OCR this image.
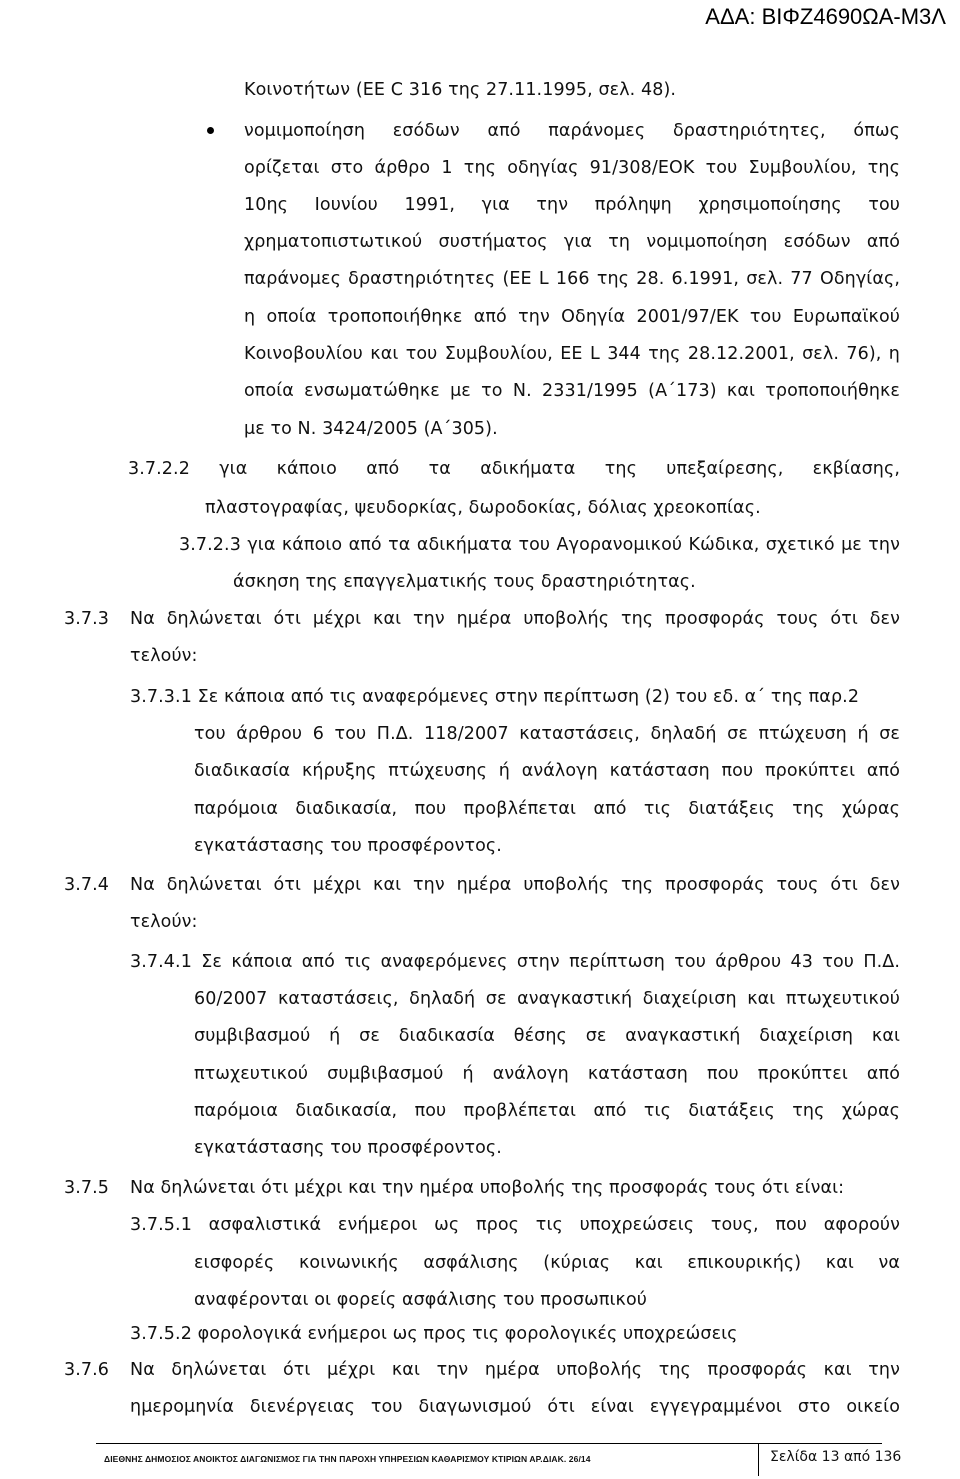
ΑΔΑ: ΒΙΦΖ4690ΩΑ-Μ3Λ
Κοινοτήτων (ΕΕ C 316 της 27.11.1995, σελ. 48).
νομιμοποίηση εσόδων από παράνομες δραστηριότητες, όπως
ορίζεται στο άρθρο 1 της οδηγίας 91/308/ΕΟΚ του Συμβουλίου, της
10ης Ιουνίου 1991, για την πρόληψη χρησιμοποίησης του
χρηματοπιστωτικού συστήματος για τη νομιμοποίηση εσόδων από
παράνομες δραστηριότητες (ΕΕ L 166 της 28. 6.1991, σελ. 77 Οδηγίας,
η οποία τροποποιήθηκε από την Οδηγία 2001/97/ΕΚ του Ευρωπαϊκού
Κοινοβουλίου και του Συμβουλίου, ΕΕ L 344 της 28.12.2001, σελ. 76), η
οποία ενσωματώθηκε με το Ν. 2331/1995 (Α΄173) και τροποποιήθηκε
με το Ν. 3424/2005 (Α΄305).
3.7.2.2 για κάποιο από τα αδικήματα της υπεξαίρεσης, εκβίασης,
πλαστογραφίας, ψευδορκίας, δωροδοκίας, δόλιας χρεοκοπίας.
3.7.2.3 για κάποιο από τα αδικήματα του Αγορανομικού Κώδικα, σχετικό με την
άσκηση της επαγγελματικής τους δραστηριότητας.
3.7.3 Να δηλώνεται ότι μέχρι και την ημέρα υποβολής της προσφοράς τους ότι δεν
τελούν:
3.7.3.1 Σε κάποια από τις αναφερόμενες στην περίπτωση (2) του εδ. α΄ της παρ.2
του άρθρου 6 του Π.Δ. 118/2007 καταστάσεις, δηλαδή σε πτώχευση ή σε
διαδικασία κήρυξης πτώχευσης ή ανάλογη κατάσταση που προκύπτει από
παρόμοια διαδικασία, που προβλέπεται από τις διατάξεις της χώρας
εγκατάστασης του προσφέροντος.
3.7.4 Να δηλώνεται ότι μέχρι και την ημέρα υποβολής της προσφοράς τους ότι δεν
τελούν:
3.7.4.1 Σε κάποια από τις αναφερόμενες στην περίπτωση του άρθρου 43 του Π.Δ.
60/2007 καταστάσεις, δηλαδή σε αναγκαστική διαχείριση και πτωχευτικού
συμβιβασμού ή σε διαδικασία θέσης σε αναγκαστική διαχείριση και
πτωχευτικού συμβιβασμού ή ανάλογη κατάσταση που προκύπτει από
παρόμοια διαδικασία, που προβλέπεται από τις διατάξεις της χώρας
εγκατάστασης του προσφέροντος.
3.7.5 Να δηλώνεται ότι μέχρι και την ημέρα υποβολής της προσφοράς τους ότι είναι:
3.7.5.1 ασφαλιστικά ενήμεροι ως προς τις υποχρεώσεις τους, που αφορούν
εισφορές κοινωνικής ασφάλισης (κύριας και επικουρικής) και να
αναφέρονται οι φορείς ασφάλισης του προσωπικού
3.7.5.2 φορολογικά ενήμεροι ως προς τις φορολογικές υποχρεώσεις
3.7.6 Να δηλώνεται ότι μέχρι και την ημέρα υποβολής της προσφοράς και την
ημερομηνία διενέργειας του διαγωνισμού ότι είναι εγγεγραμμένοι στο οικείο
ΔΙΕΘΝΗΣ ΔΗΜΟΣΙΟΣ ΑΝΟΙΚΤΟΣ ΔΙΑΓΩΝΙΣΜΟΣ ΓΙΑ ΤΗΝ ΠΑΡΟΧΗ ΥΠΗΡΕΣΙΩΝ ΚΑΘΑΡΙΣΜΟΥ ΚΤΙΡΙΩΝ ΑΡ.ΔΙΑΚ. 26/14	Σελίδα 13 από 136
